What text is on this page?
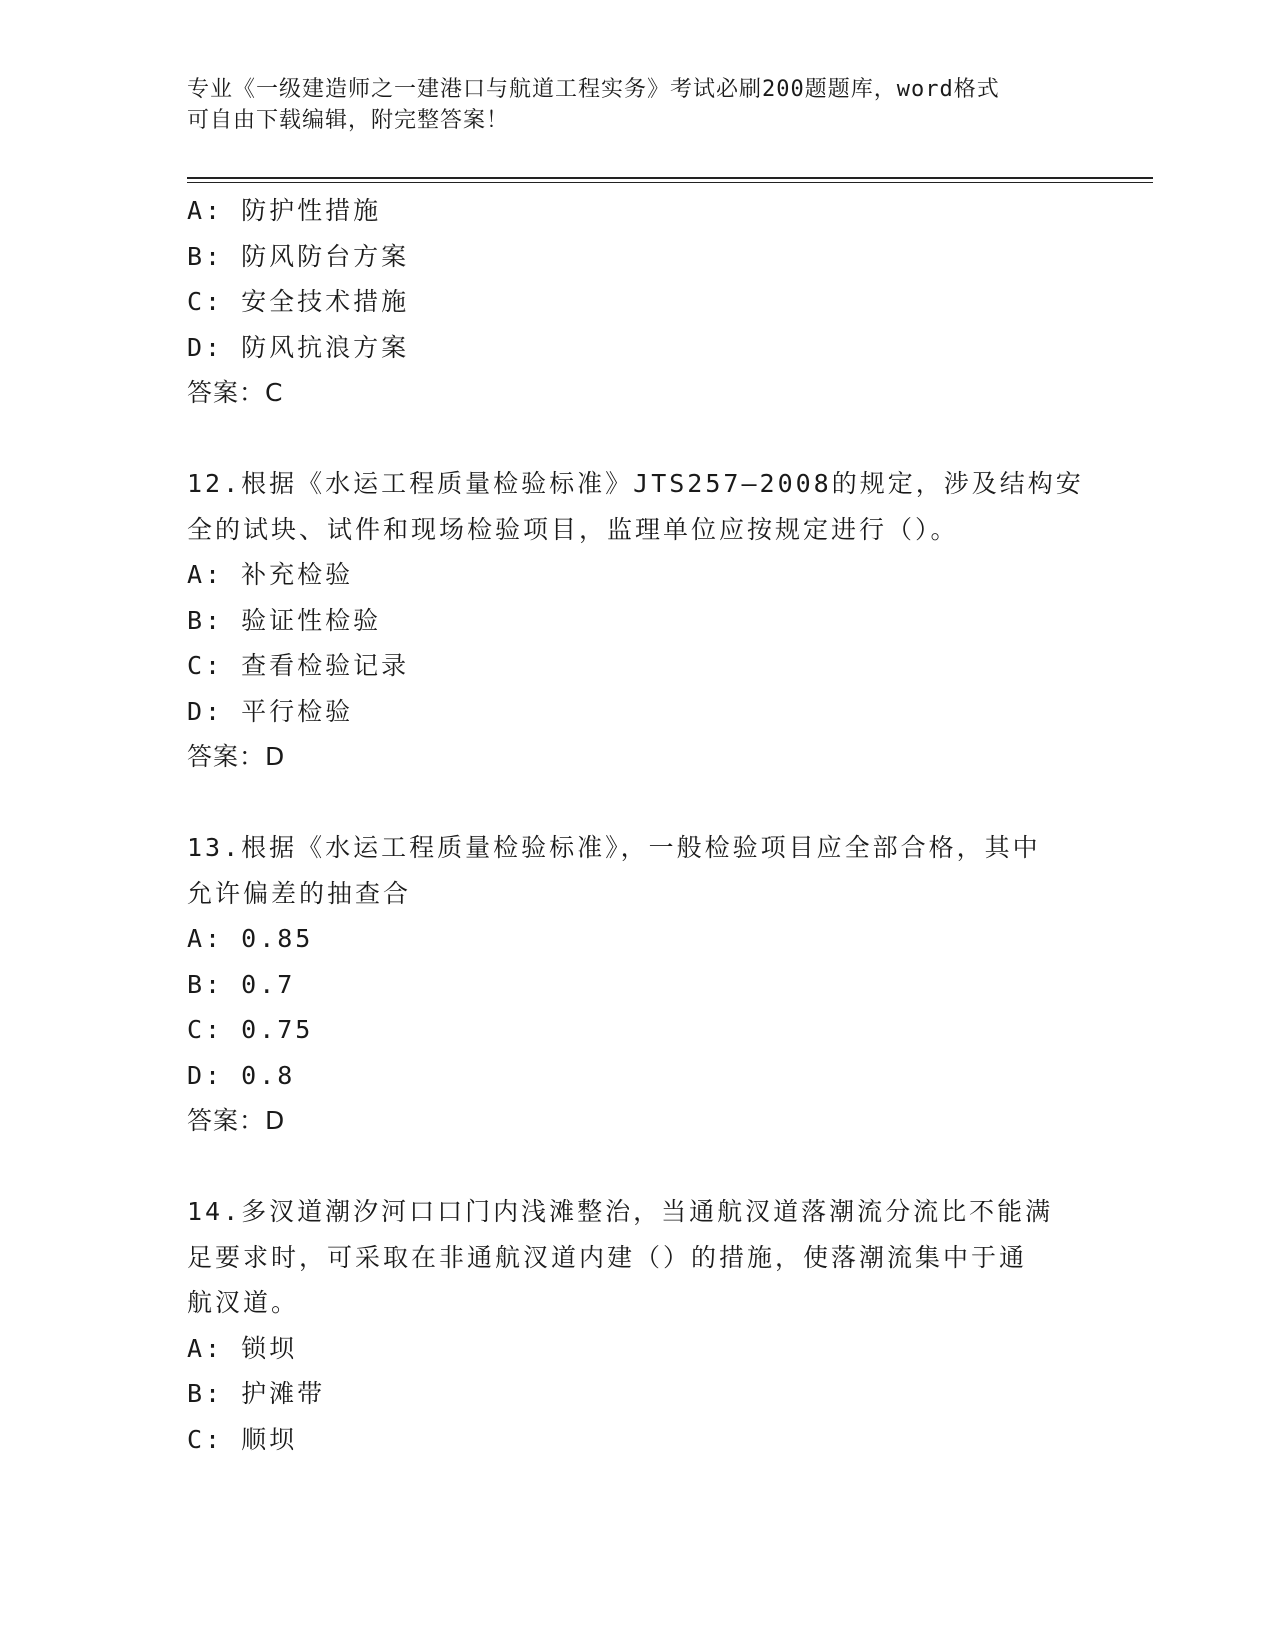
专业《一级建造师之一建港口与航道工程实务》考试必刷200题题库，word格式
可自由下载编辑，附完整答案！
A: 防护性措施
B: 防风防台方案
C: 安全技术措施
D: 防风抗浪方案
答案：C
12.根据《水运工程质量检验标准》JTS257—2008的规定，涉及结构安
全的试块、试件和现场检验项目，监理单位应按规定进行（）。
A: 补充检验
B: 验证性检验
C: 查看检验记录
D: 平行检验
答案：D
13.根据《水运工程质量检验标准》，一般检验项目应全部合格，其中
允许偏差的抽查合
A: 0.85
B: 0.7
C: 0.75
D: 0.8
答案：D
14.多汊道潮汐河口口门内浅滩整治，当通航汊道落潮流分流比不能满
足要求时，可采取在非通航汊道内建（）的措施，使落潮流集中于通
航汊道。
A: 锁坝
B: 护滩带
C: 顺坝
